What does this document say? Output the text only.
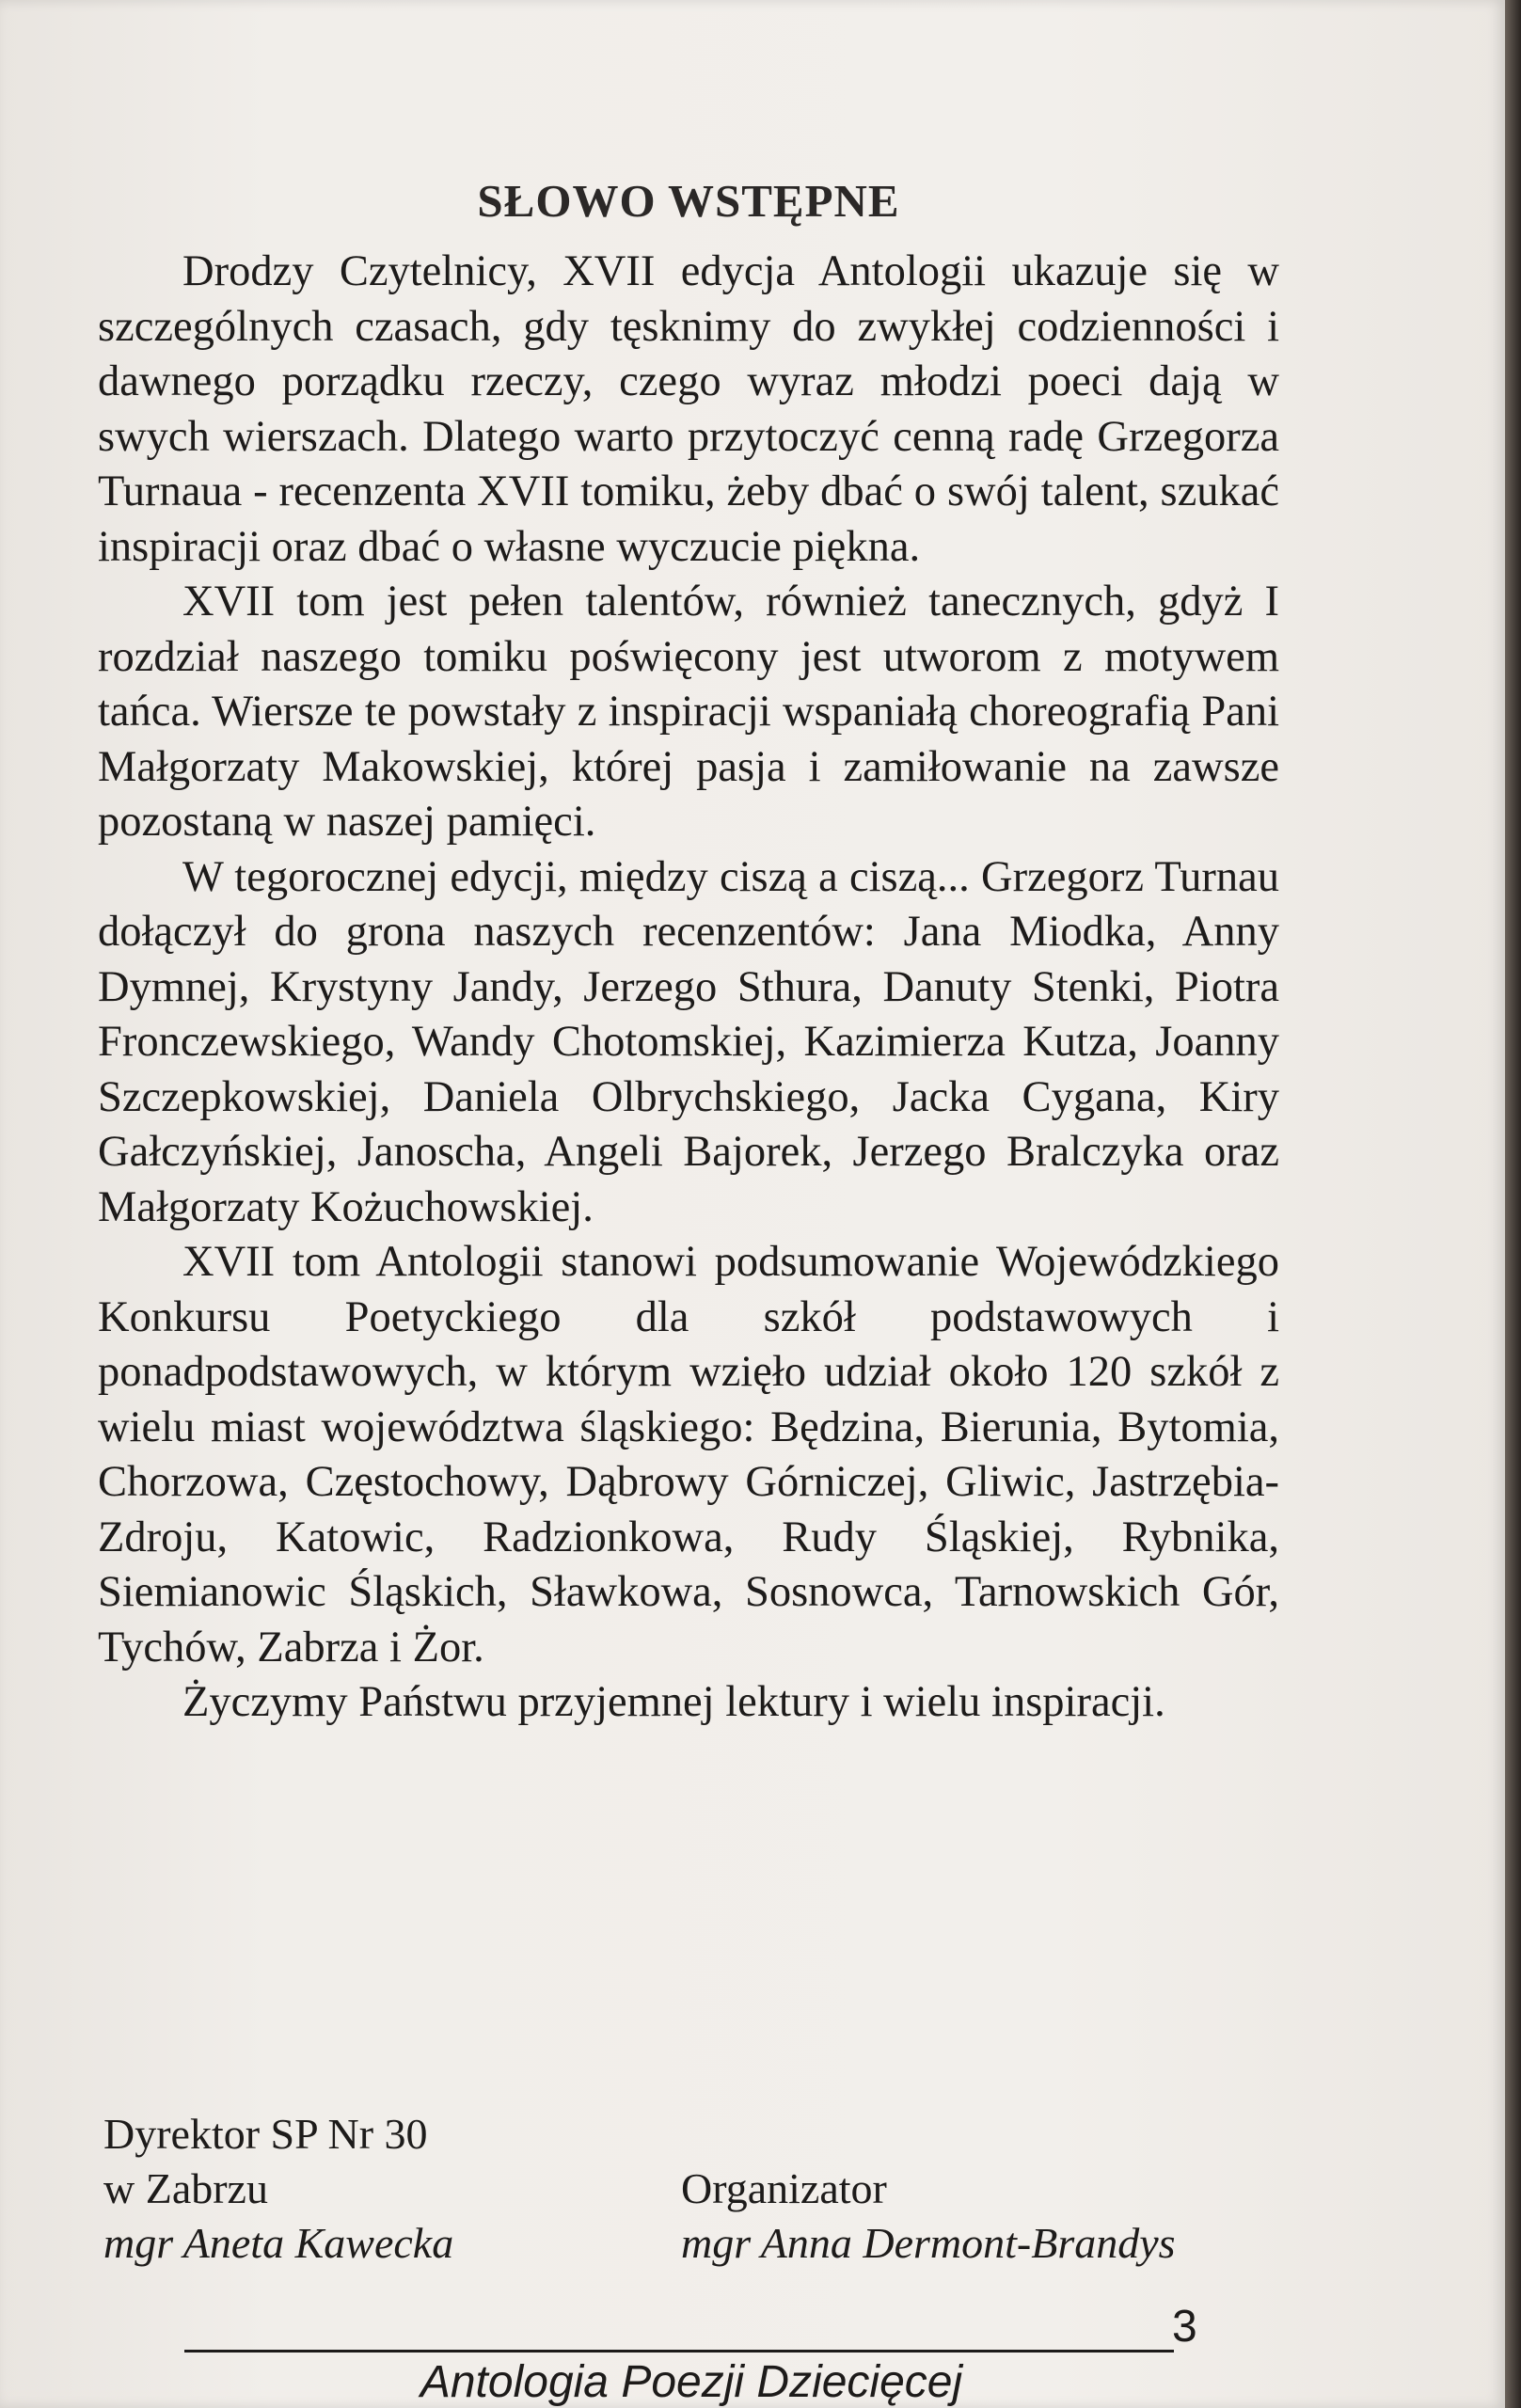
SŁOWO WSTĘPNE

Drodzy Czytelnicy, XVII edycja Antologii ukazuje się w szczególnych czasach, gdy tęsknimy do zwykłej codzienności i dawnego porządku rzeczy, czego wyraz młodzi poeci dają w swych wierszach. Dlatego warto przytoczyć cenną radę Grzegorza Turnaua - recenzenta XVII tomiku, żeby dbać o swój talent, szukać inspiracji oraz dbać o własne wyczucie piękna.

XVII tom jest pełen talentów, również tanecznych, gdyż I rozdział naszego tomiku poświęcony jest utworom z motywem tańca. Wiersze te powstały z inspiracji wspaniałą choreografią Pani Małgorzaty Makowskiej, której pasja i zamiłowanie na zawsze pozostaną w naszej pamięci.

W tegorocznej edycji, między ciszą a ciszą... Grzegorz Turnau dołączył do grona naszych recenzentów: Jana Miodka, Anny Dymnej, Krystyny Jandy, Jerzego Sthura, Danuty Stenki, Piotra Fronczewskiego, Wandy Chotomskiej, Kazimierza Kutza, Joanny Szczepkowskiej, Daniela Olbrychskiego, Jacka Cygana, Kiry Gałczyńskiej, Janoscha, Angeli Bajorek, Jerzego Bralczyka oraz Małgorzaty Kożuchowskiej.

XVII tom Antologii stanowi podsumowanie Wojewódzkiego Konkursu Poetyckiego dla szkół podstawowych i ponadpodstawowych, w którym wzięło udział około 120 szkół z wielu miast województwa śląskiego: Będzina, Bierunia, Bytomia, Chorzowa, Częstochowy, Dąbrowy Górniczej, Gliwic, Jastrzębia-Zdroju, Katowic, Radzionkowa, Rudy Śląskiej, Rybnika, Siemianowic Śląskich, Sławkowa, Sosnowca, Tarnowskich Gór, Tychów, Zabrza i Żor.

Życzymy Państwu przyjemnej lektury i wielu inspiracji.

Dyrektor SP Nr 30
w Zabrzu
mgr Aneta Kawecka
Organizator
mgr Anna Dermont-Brandys
3
Antologia Poezji Dziecięcej
